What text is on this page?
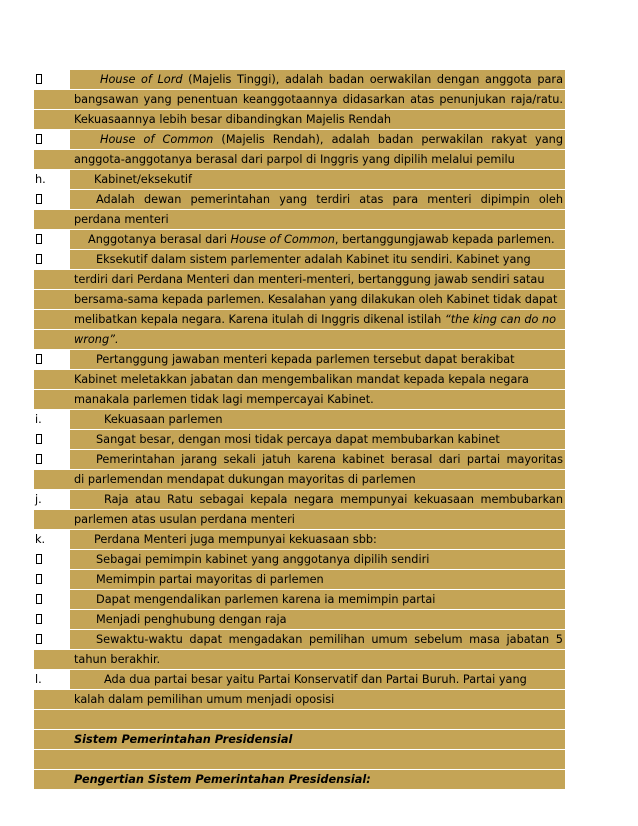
House of Lord (Majelis Tinggi), adalah badan oerwakilan dengan anggota para
bangsawan yang penentuan keanggotaannya didasarkan atas penunjukan raja/ratu.
Kekuasaannya lebih besar dibandingkan Majelis Rendah
House of Common (Majelis Rendah), adalah badan perwakilan rakyat yang
anggota-anggotanya berasal dari parpol di Inggris yang dipilih melalui pemilu
h.	Kabinet/eksekutif
Adalah dewan pemerintahan yang terdiri atas para menteri dipimpin oleh
perdana menteri
Anggotanya berasal dari House of Common, bertanggungjawab kepada parlemen.
Eksekutif dalam sistem parlementer adalah Kabinet itu sendiri. Kabinet yang
terdiri dari Perdana Menteri dan menteri-menteri, bertanggung jawab sendiri satau
bersama-sama kepada parlemen. Kesalahan yang dilakukan oleh Kabinet tidak dapat
melibatkan kepala negara. Karena itulah di Inggris dikenal istilah “the king can do no
wrong”.
Pertanggung jawaban menteri kepada parlemen tersebut dapat berakibat
Kabinet meletakkan jabatan dan mengembalikan mandat kepada kepala negara
manakala parlemen tidak lagi mempercayai Kabinet.
i.	Kekuasaan parlemen
Sangat besar, dengan mosi tidak percaya dapat membubarkan kabinet
Pemerintahan jarang sekali jatuh karena kabinet berasal dari partai mayoritas
di parlemendan mendapat dukungan mayoritas di parlemen
j.	Raja atau Ratu sebagai kepala negara mempunyai kekuasaan membubarkan
parlemen atas usulan perdana menteri
k.	Perdana Menteri juga mempunyai kekuasaan sbb:
Sebagai pemimpin kabinet yang anggotanya dipilih sendiri
Memimpin partai mayoritas di parlemen
Dapat mengendalikan parlemen karena ia memimpin partai
Menjadi penghubung dengan raja
Sewaktu-waktu dapat mengadakan pemilihan umum sebelum masa jabatan 5
tahun berakhir.
l.	Ada dua partai besar yaitu Partai Konservatif dan Partai Buruh. Partai yang
kalah dalam pemilihan umum menjadi oposisi
Sistem Pemerintahan Presidensial
Pengertian Sistem Pemerintahan Presidensial:
